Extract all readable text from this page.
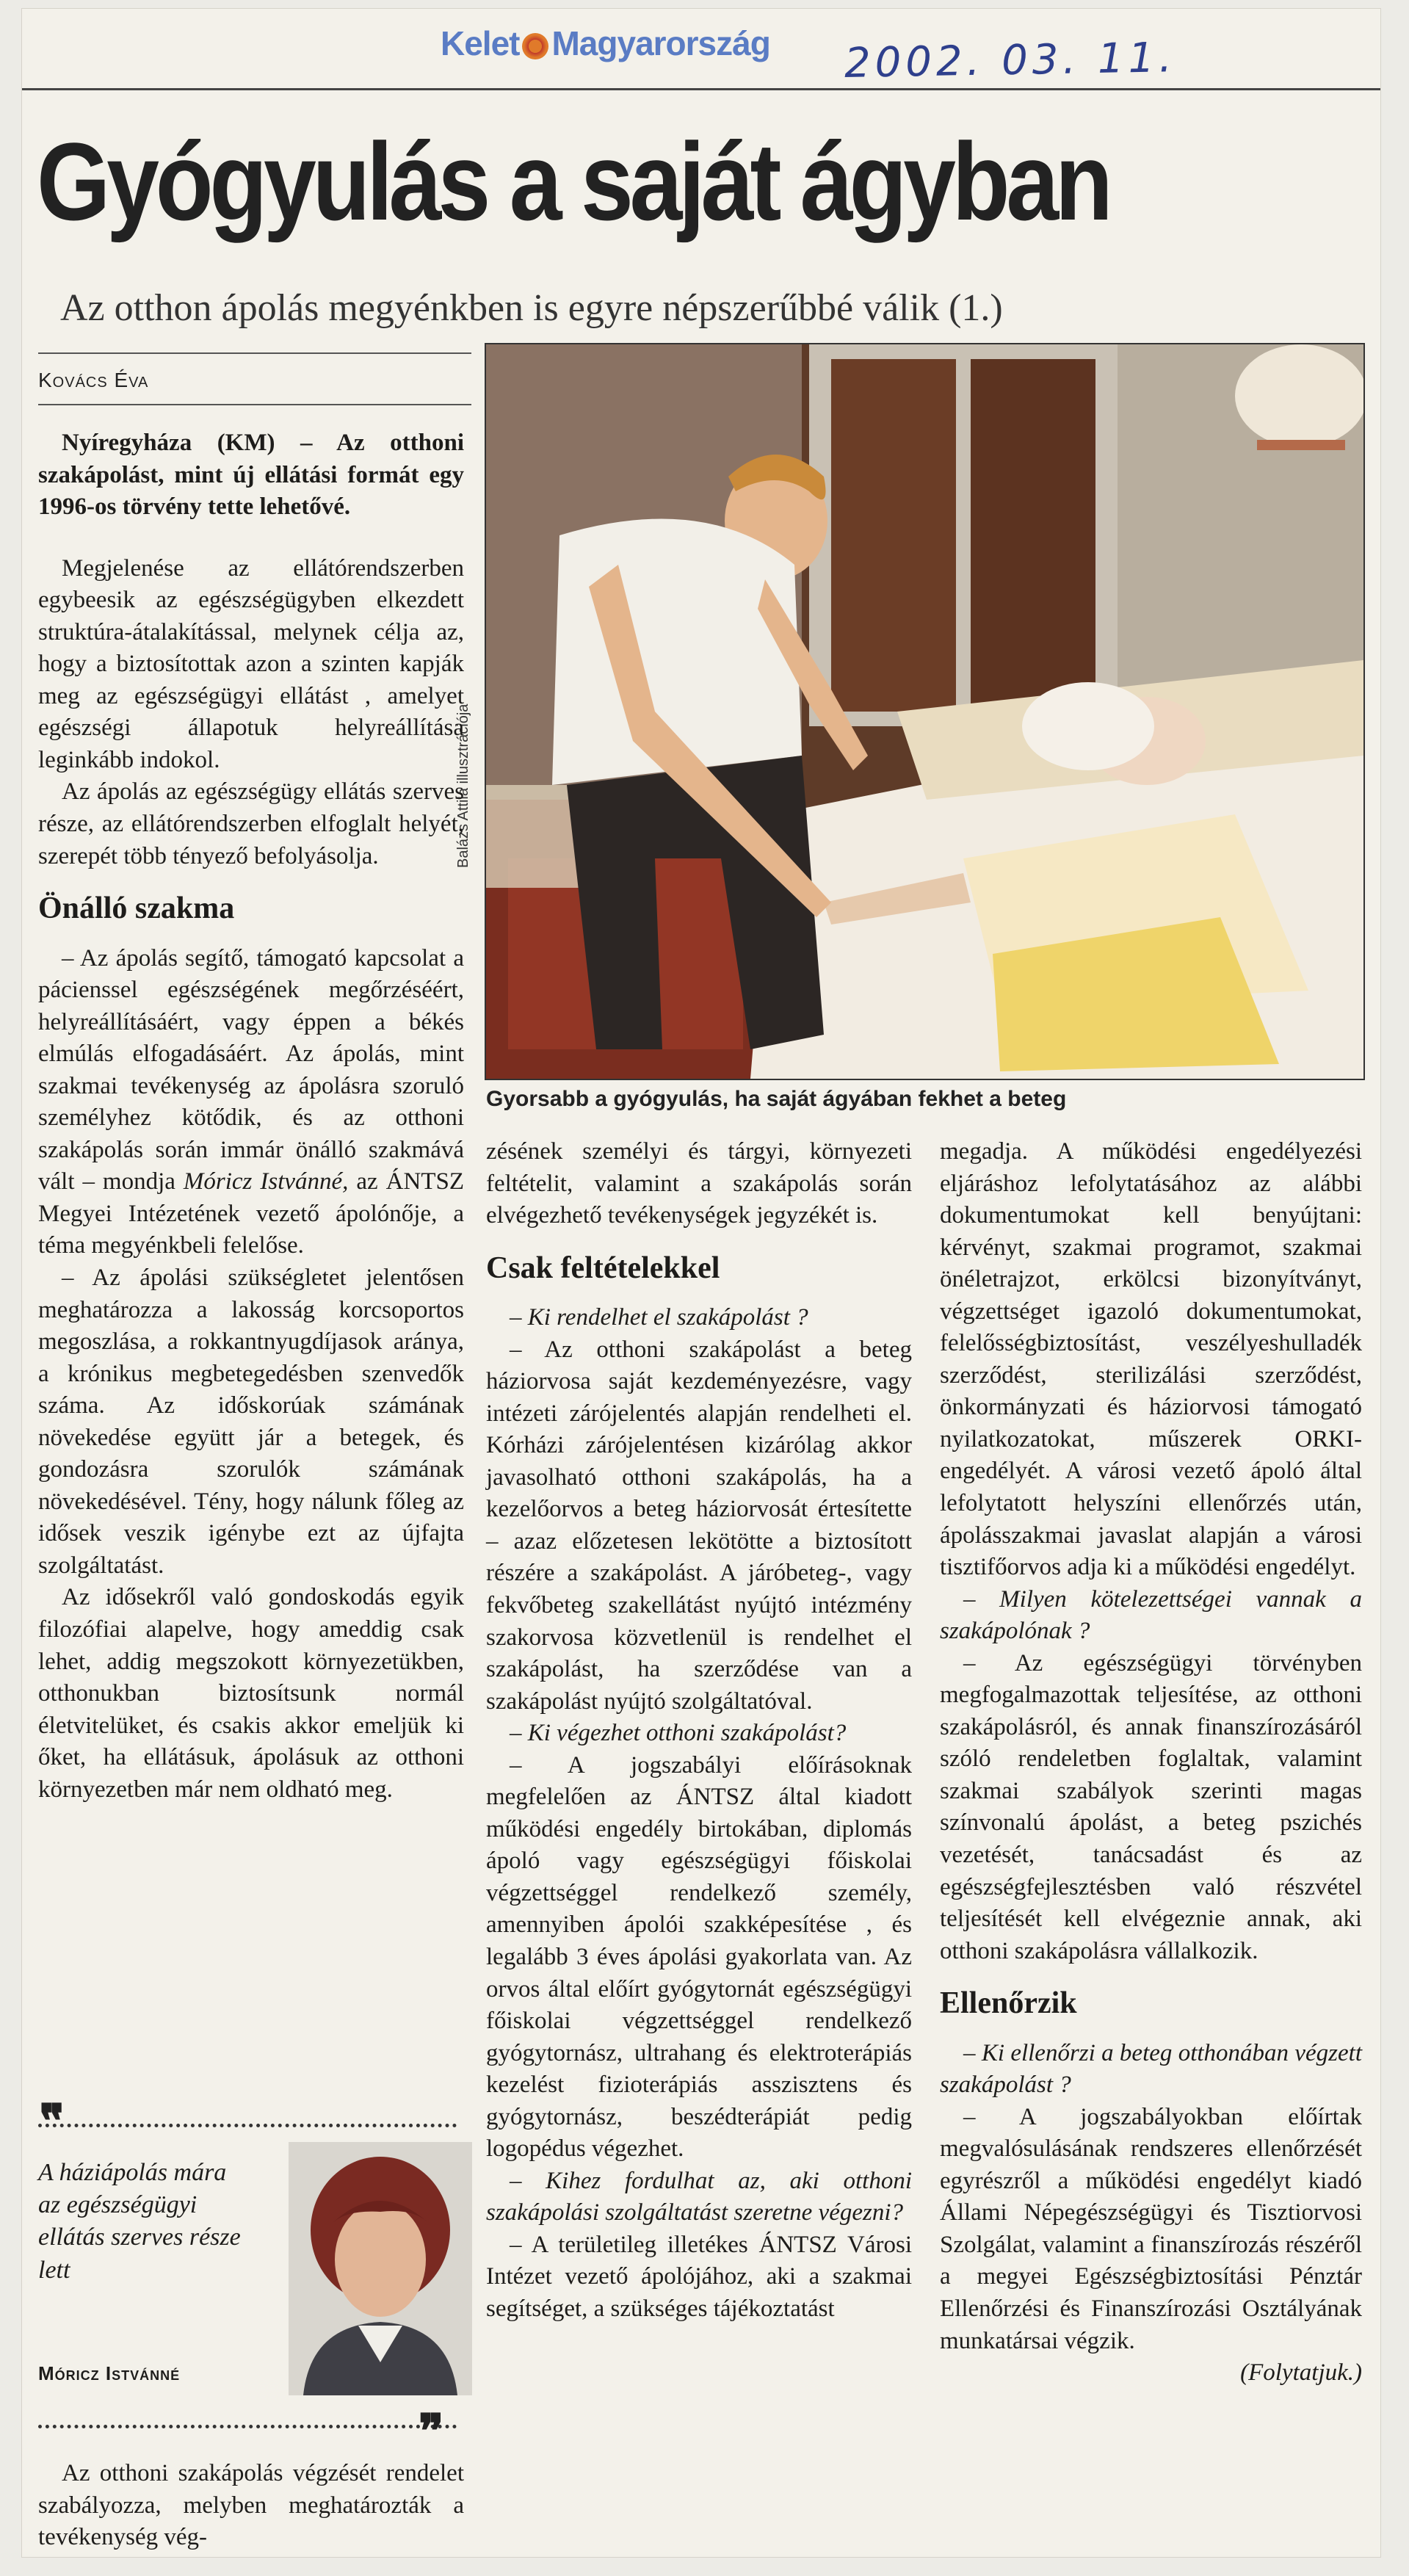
Kelet Magyarország 2002. 03. 11.
Gyógyulás a saját ágyban
Az otthon ápolás megyénkben is egyre népszerűbbé válik (1.)
Kovács Éva
Balázs Attila illusztrációja
Gyorsabb a gyógyulás, ha saját ágyában fekhet a beteg

Nyíregyháza (KM) – Az otthoni szakápolást, mint új ellátási formát egy 1996-os törvény tette lehetővé.

Megjelenése az ellátórendszerben egybeesik az egészségügyben elkezdett struktúra-átalakítással, melynek célja az, hogy a biztosítottak azon a szinten kapják meg az egészségügyi ellátást , amelyet egészségi állapotuk helyreállítása leginkább indokol.

Az ápolás az egészségügy ellátás szerves része, az ellátórendszerben elfoglalt helyét, szerepét több tényező befolyásolja.

Önálló szakma

– Az ápolás segítő, támogató kapcsolat a pácienssel egészségének megőrzéséért, helyreállításáért, vagy éppen a békés elmúlás elfogadásáért. Az ápolás, mint szakmai tevékenység az ápolásra szoruló személyhez kötődik, és az otthoni szakápolás során immár önálló szakmává vált – mondja Móricz Istvánné, az ÁNTSZ Megyei Intézetének vezető ápolónője, a téma megyénkbeli felelőse.

– Az ápolási szükségletet jelentősen meghatározza a lakosság korcsoportos megoszlása, a rokkantnyugdíjasok aránya, a krónikus megbetegedésben szenvedők száma. Az időskorúak számának növekedése együtt jár a betegek, és gondozásra szorulók számának növekedésével. Tény, hogy nálunk főleg az idősek veszik igénybe ezt az újfajta szolgáltatást.

Az idősekről való gondoskodás egyik filozófiai alapelve, hogy ameddig csak lehet, addig megszokott környezetükben, otthonukban biztosítsunk normál életvitelüket, és csakis akkor emeljük ki őket, ha ellátásuk, ápolásuk az otthoni környezetben már nem oldható meg.

❞
A háziápolás mára az egészségügyi ellátás szerves része lett
Móricz Istvánné
❞

Az otthoni szakápolás végzését rendelet szabályozza, melyben meghatározták a tevékenység vég-

zésének személyi és tárgyi, környezeti feltételit, valamint a szakápolás során elvégezhető tevékenységek jegyzékét is.

Csak feltételekkel

– Ki rendelhet el szakápolást ?

– Az otthoni szakápolást a beteg háziorvosa saját kezdeményezésre, vagy intézeti zárójelentés alapján rendelheti el. Kórházi zárójelentésen kizárólag akkor javasolható otthoni szakápolás, ha a kezelőorvos a beteg háziorvosát értesítette – azaz előzetesen lekötötte a biztosított részére a szakápolást. A járóbeteg-, vagy fekvőbeteg szakellátást nyújtó intézmény szakorvosa közvetlenül is rendelhet el szakápolást, ha szerződése van a szakápolást nyújtó szolgáltatóval.

– Ki végezhet otthoni szakápolást?

– A jogszabályi előírásoknak megfelelően az ÁNTSZ által kiadott működési engedély birtokában, diplomás ápoló vagy egészségügyi főiskolai végzettséggel rendelkező személy, amennyiben ápolói szakképesítése , és legalább 3 éves ápolási gyakorlata van. Az orvos által előírt gyógytornát egészségügyi főiskolai végzettséggel rendelkező gyógytornász, ultrahang és elektroterápiás kezelést fizioterápiás asszisztens és gyógytornász, beszédterápiát pedig logopédus végezhet.

– Kihez fordulhat az, aki otthoni szakápolási szolgáltatást szeretne végezni?

– A területileg illetékes ÁNTSZ Városi Intézet vezető ápolójához, aki a szakmai segítséget, a szükséges tájékoztatást

megadja. A működési engedélyezési eljáráshoz lefolytatásához az alábbi dokumentumokat kell benyújtani: kérvényt, szakmai programot, szakmai önéletrajzot, erkölcsi bizonyítványt, végzettséget igazoló dokumentumokat, felelősségbiztosítást, veszélyeshulladék szerződést, sterilizálási szerződést, önkormányzati és háziorvosi támogató nyilatkozatokat, műszerek ORKI-engedélyét. A városi vezető ápoló által lefolytatott helyszíni ellenőrzés után, ápolásszakmai javaslat alapján a városi tisztifőorvos adja ki a működési engedélyt.

– Milyen kötelezettségei vannak a szakápolónak ?

– Az egészségügyi törvényben megfogalmazottak teljesítése, az otthoni szakápolásról, és annak finanszírozásáról szóló rendeletben foglaltak, valamint szakmai szabályok szerinti magas színvonalú ápolást, a beteg pszichés vezetését, tanácsadást és az egészségfejlesztésben való részvétel teljesítését kell elvégeznie annak, aki otthoni szakápolásra vállalkozik.

Ellenőrzik

– Ki ellenőrzi a beteg otthonában végzett szakápolást ?

– A jogszabályokban előírtak megvalósulásának rendszeres ellenőrzését egyrészről a működési engedélyt kiadó Állami Népegészségügyi és Tisztiorvosi Szolgálat, valamint a finanszírozás részéről a megyei Egészségbiztosítási Pénztár Ellenőrzési és Finanszírozási Osztályának munkatársai végzik.

(Folytatjuk.)
